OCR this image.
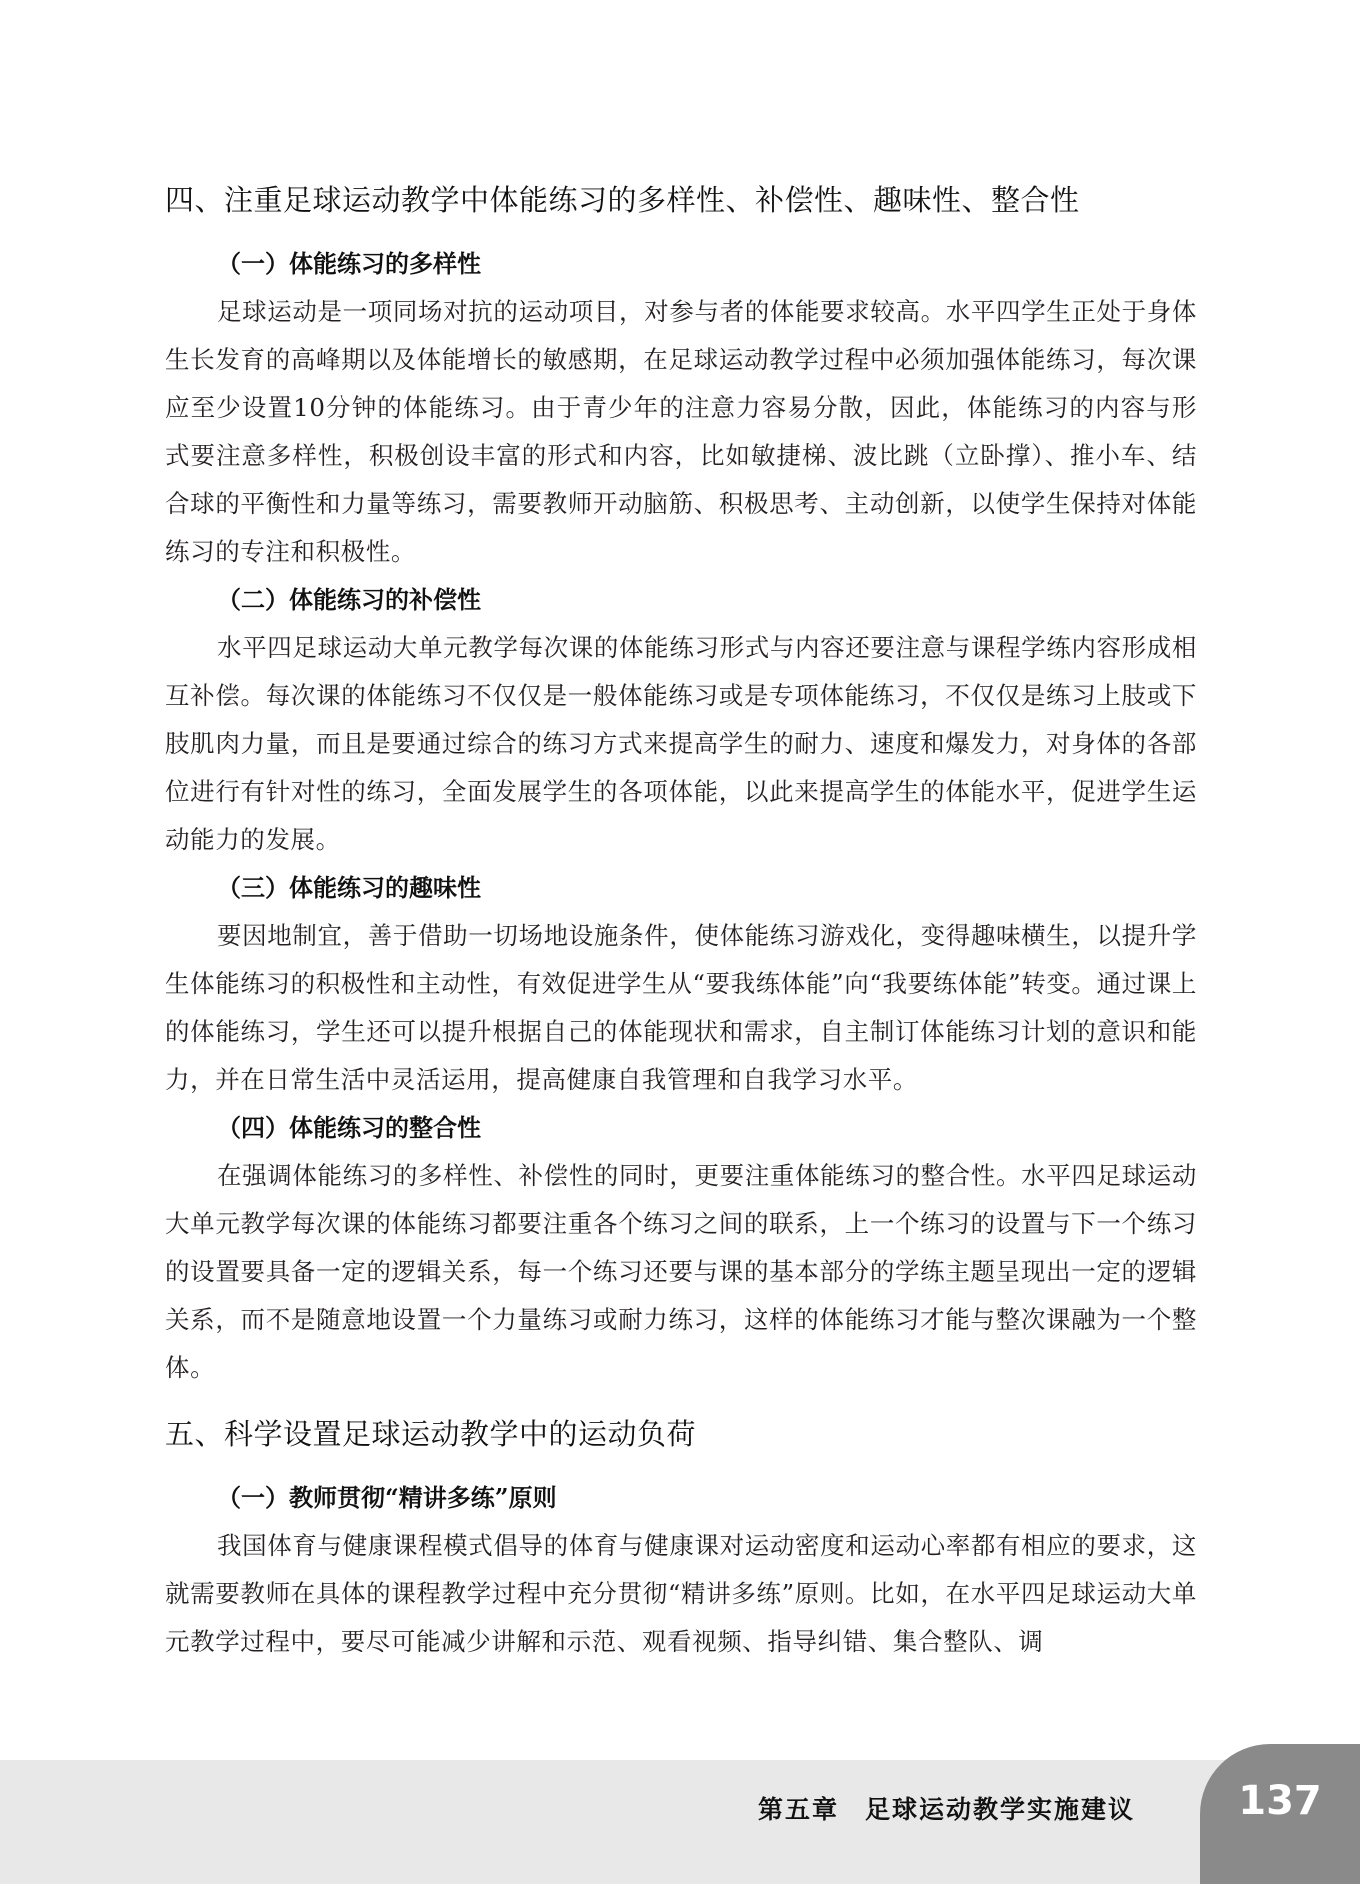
四、注重足球运动教学中体能练习的多样性、补偿性、趣味性、整合性
（一）体能练习的多样性

足球运动是一项同场对抗的运动项目，对参与者的体能要求较高。水平四学生正处于身体生长发育的高峰期以及体能增长的敏感期，在足球运动教学过程中必须加强体能练习，每次课应至少设置10分钟的体能练习。由于青少年的注意力容易分散，因此，体能练习的内容与形式要注意多样性，积极创设丰富的形式和内容，比如敏捷梯、波比跳（立卧撑）、推小车、结合球的平衡性和力量等练习，需要教师开动脑筋、积极思考、主动创新，以使学生保持对体能练习的专注和积极性。

（二）体能练习的补偿性

水平四足球运动大单元教学每次课的体能练习形式与内容还要注意与课程学练内容形成相互补偿。每次课的体能练习不仅仅是一般体能练习或是专项体能练习，不仅仅是练习上肢或下肢肌肉力量，而且是要通过综合的练习方式来提高学生的耐力、速度和爆发力，对身体的各部位进行有针对性的练习，全面发展学生的各项体能，以此来提高学生的体能水平，促进学生运动能力的发展。

（三）体能练习的趣味性

要因地制宜，善于借助一切场地设施条件，使体能练习游戏化，变得趣味横生，以提升学生体能练习的积极性和主动性，有效促进学生从“要我练体能”向“我要练体能”转变。通过课上的体能练习，学生还可以提升根据自己的体能现状和需求，自主制订体能练习计划的意识和能力，并在日常生活中灵活运用，提高健康自我管理和自我学习水平。

（四）体能练习的整合性

在强调体能练习的多样性、补偿性的同时，更要注重体能练习的整合性。水平四足球运动大单元教学每次课的体能练习都要注重各个练习之间的联系，上一个练习的设置与下一个练习的设置要具备一定的逻辑关系，每一个练习还要与课的基本部分的学练主题呈现出一定的逻辑关系，而不是随意地设置一个力量练习或耐力练习，这样的体能练习才能与整次课融为一个整体。

五、科学设置足球运动教学中的运动负荷
（一）教师贯彻“精讲多练”原则

我国体育与健康课程模式倡导的体育与健康课对运动密度和运动心率都有相应的要求，这就需要教师在具体的课程教学过程中充分贯彻“精讲多练”原则。比如，在水平四足球运动大单元教学过程中，要尽可能减少讲解和示范、观看视频、指导纠错、集合整队、调

第五章 足球运动教学实施建议	137
